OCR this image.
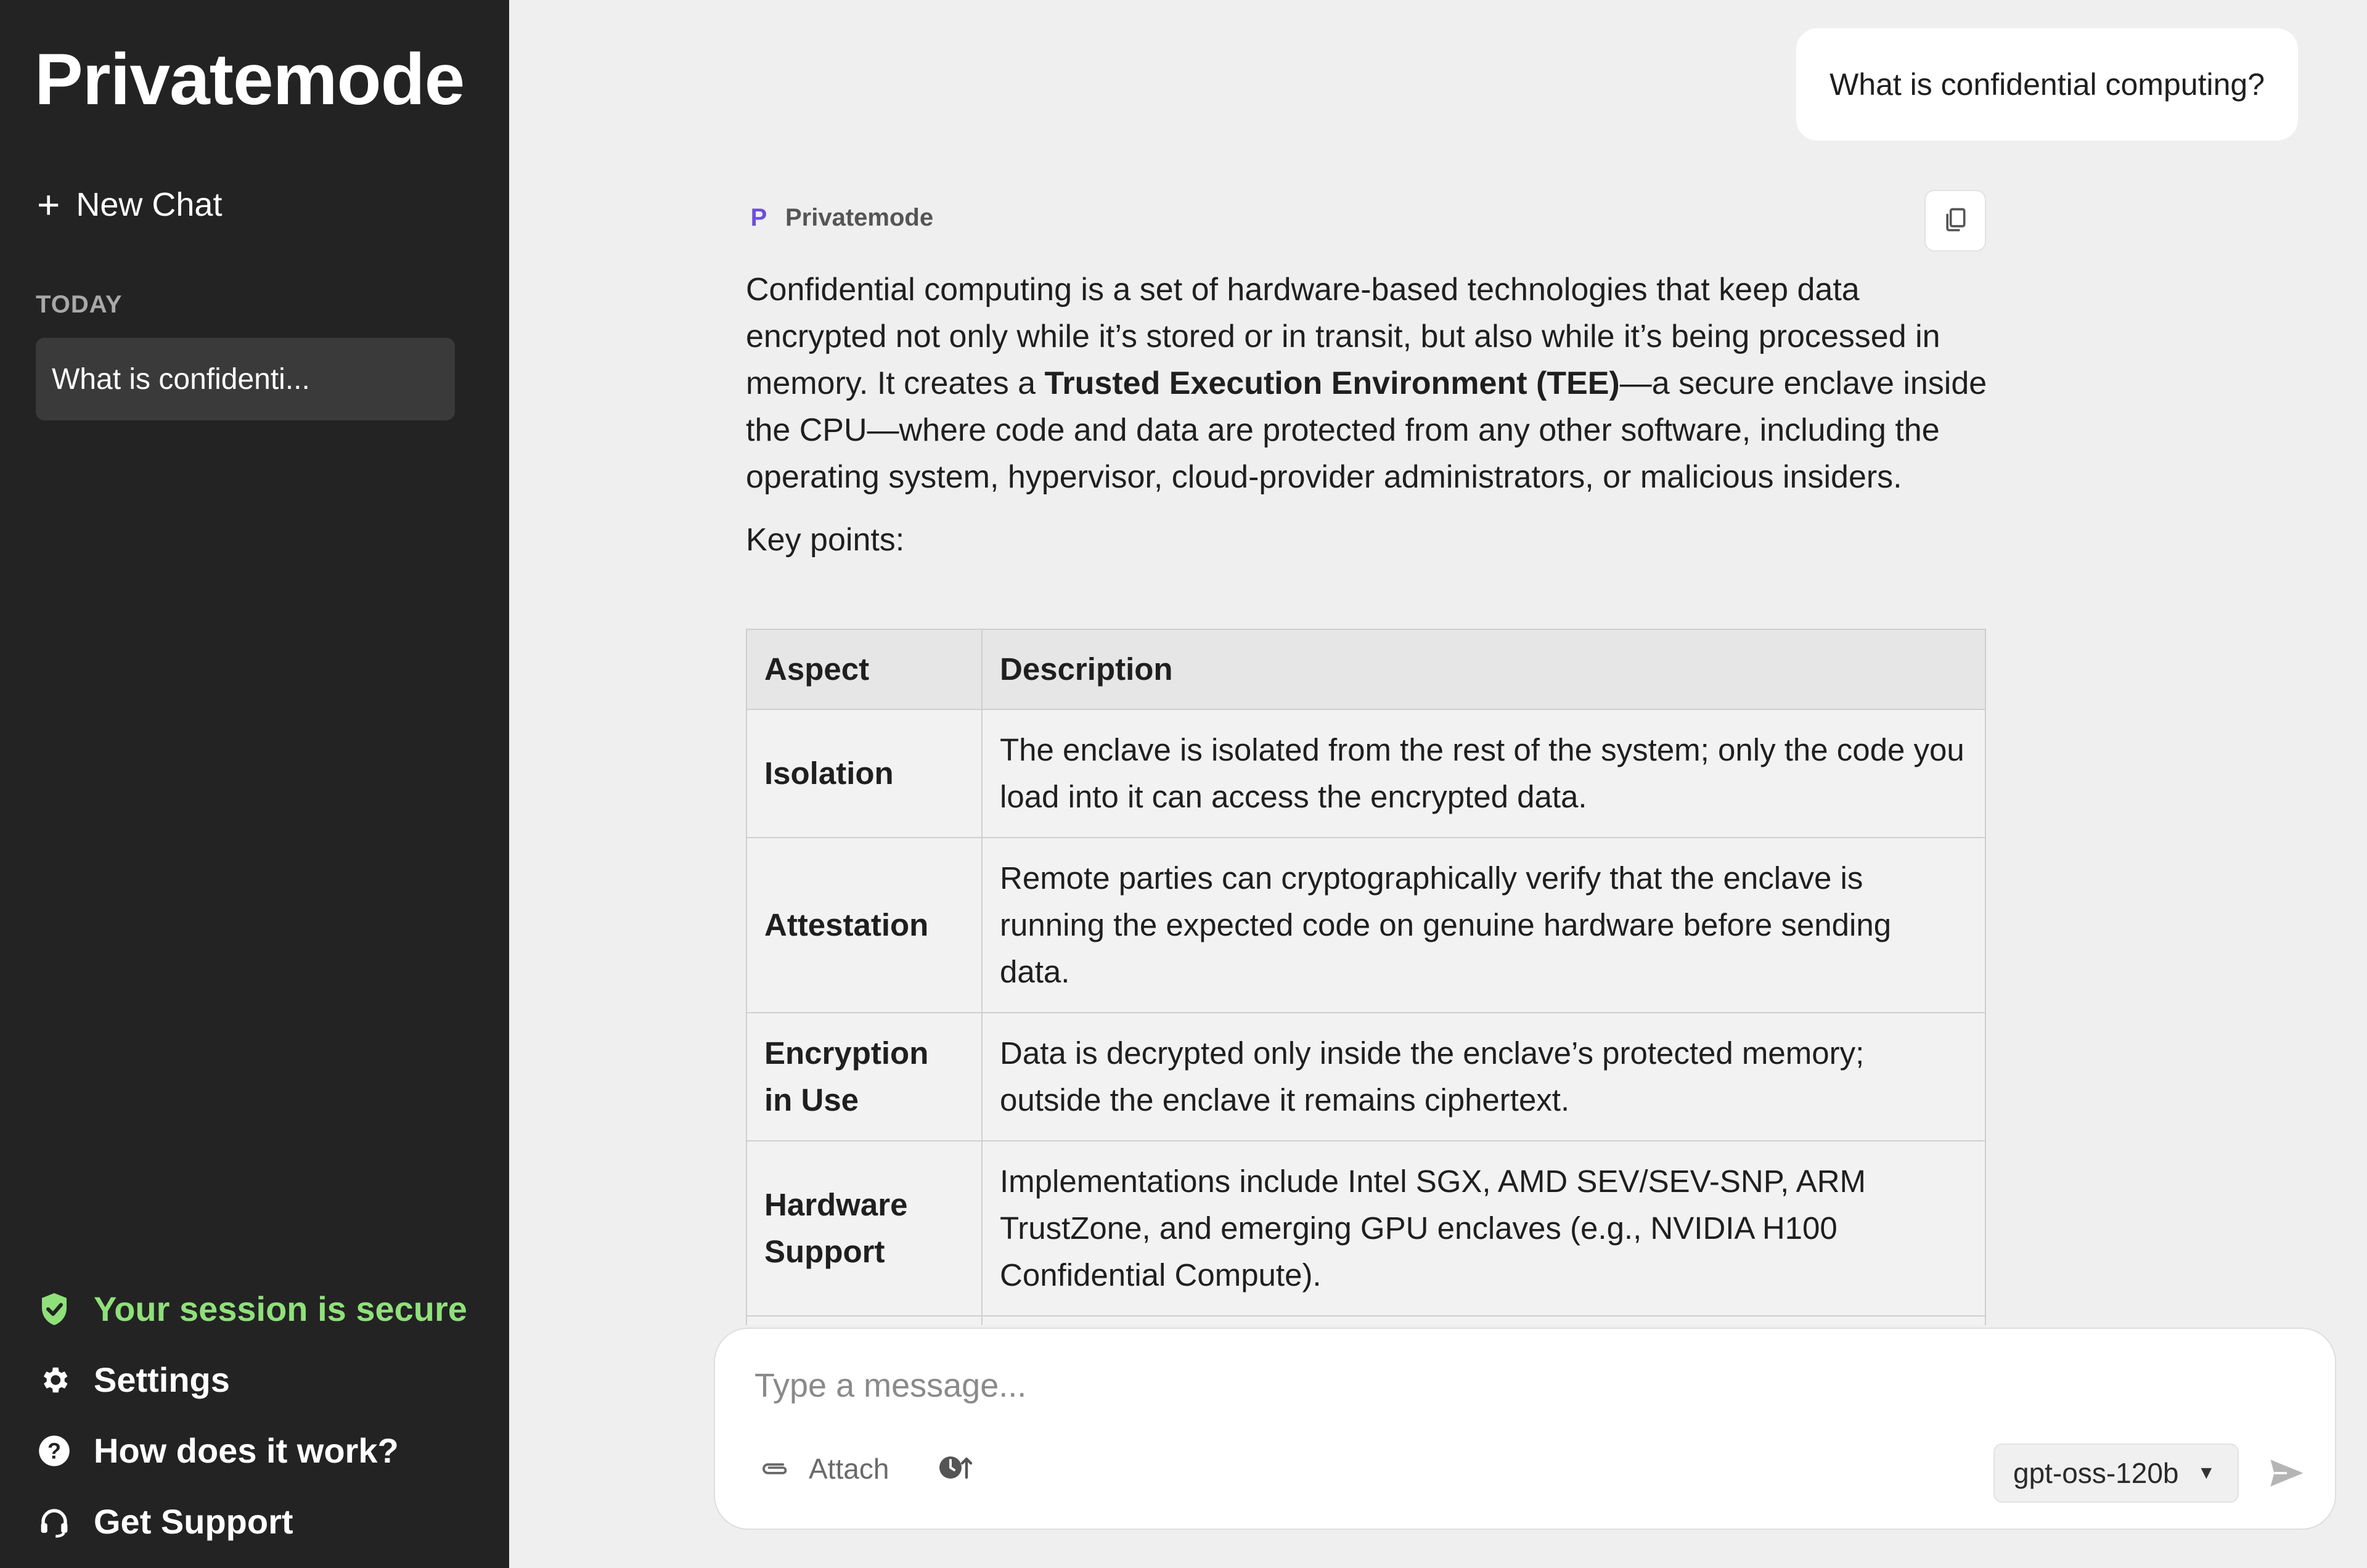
Privatemode
+ New Chat
TODAY
What is confidenti...
Your session is secure
Settings
? How does it work?
Get Support
What is confidential computing?
P Privatemode

Confidential computing is a set of hardware-based technologies that keep data encrypted not only while it’s stored or in transit, but also while it’s being processed in memory. It creates a Trusted Execution Environment (TEE)—a secure enclave inside the CPU—where code and data are protected from any other software, including the operating system, hypervisor, cloud-provider administrators, or malicious insiders.

Key points:

Aspect	Description
Isolation	The enclave is isolated from the rest of the system; only the code you load into it can access the encrypted data.
Attestation	Remote parties can cryptographically verify that the enclave is running the expected code on genuine hardware before sending data.
Encryption in Use	Data is decrypted only inside the enclave’s protected memory; outside the enclave it remains ciphertext.
Hardware Support	Implementations include Intel SGX, AMD SEV/SEV-SNP, ARM TrustZone, and emerging GPU enclaves (e.g., NVIDIA H100 Confidential Compute).

Type a message...
Attach	gpt-oss-120b ▼
